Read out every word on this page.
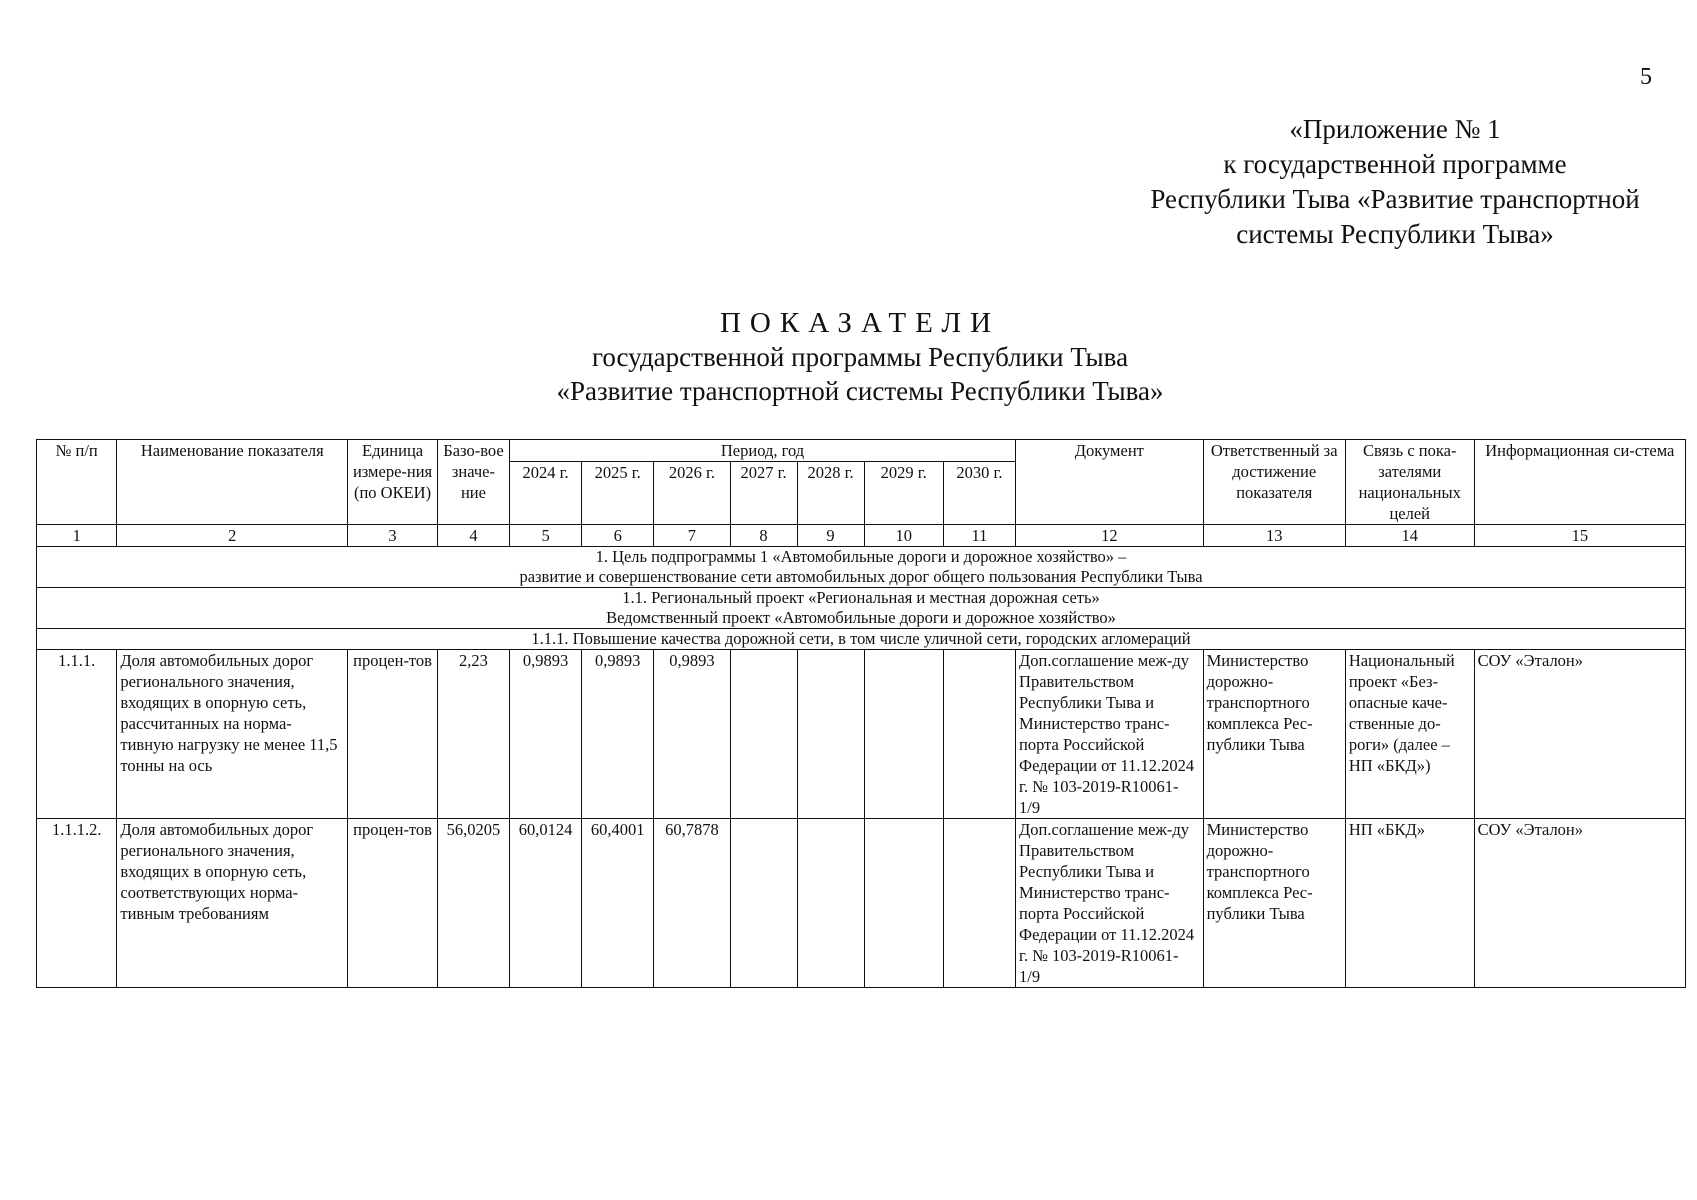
5
«Приложение № 1
к государственной программе
Республики Тыва «Развитие транспортной
системы Республики Тыва»
ПОКАЗАТЕЛИ
государственной программы Республики Тыва
«Развитие транспортной системы Республики Тыва»
№ п/п	Наименование показателя	Единица измере-ния (по ОКЕИ)	Базо-вое значе-ние	Период, год							Документ	Ответственный за достижение показателя	Связь с пока-зателями национальных целей	Информационная си-стема
				2024 г.	2025 г.	2026 г.	2027 г.	2028 г.	2029 г.	2030 г.				
1	2	3	4	5	6	7	8	9	10	11	12	13	14	15

1. Цель подпрограммы 1 «Автомобильные дороги и дорожное хозяйство» –
развитие и совершенствование сети автомобильных дорог общего пользования Республики Тыва														

1.1. Региональный проект «Региональная и местная дорожная сеть»
Ведомственный проект «Автомобильные дороги и дорожное хозяйство»														

1.1.1. Повышение качества дорожной сети, в том числе уличной сети, городских агломераций														
1.1.1.	Доля автомобильных дорог регионального значения, входящих в опорную сеть, рассчитанных на норма-тивную нагрузку не менее 11,5 тонны на ось	процен-тов	2,23	0,9893	0,9893	0,9893					Доп.соглашение меж-ду Правительством Республики Тыва и Министерство транс-порта Российской Федерации от 11.12.2024 г. № 103-2019-R10061-1/9	Министерство дорожно-транспортного комплекса Рес-публики Тыва	Национальный проект «Без-опасные каче-ственные до-роги» (далее – НП «БКД»)	СОУ «Эталон»
1.1.1.2.	Доля автомобильных дорог регионального значения, входящих в опорную сеть, соответствующих норма-тивным требованиям	процен-тов	56,0205	60,0124	60,4001	60,7878					Доп.соглашение меж-ду Правительством Республики Тыва и Министерство транс-порта Российской Федерации от 11.12.2024 г. № 103-2019-R10061-1/9	Министерство дорожно-транспортного комплекса Рес-публики Тыва	НП «БКД»	СОУ «Эталон»
